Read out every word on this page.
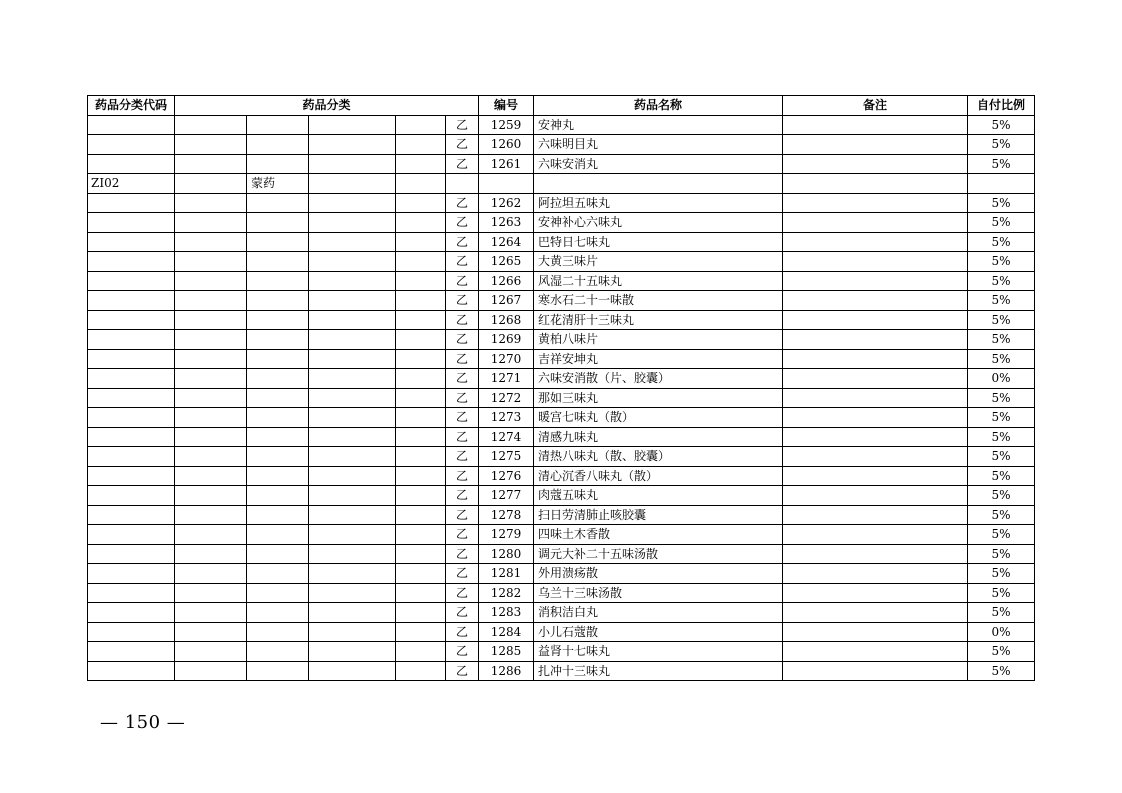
药品分类代码	药品分类					编号	药品名称	备注	自付比例
					乙	1259	安神丸		5%
					乙	1260	六味明目丸		5%
					乙	1261	六味安消丸		5%
ZI02		蒙药							
					乙	1262	阿拉坦五味丸		5%
					乙	1263	安神补心六味丸		5%
					乙	1264	巴特日七味丸		5%
					乙	1265	大黄三味片		5%
					乙	1266	风湿二十五味丸		5%
					乙	1267	寒水石二十一味散		5%
					乙	1268	红花清肝十三味丸		5%
					乙	1269	黄柏八味片		5%
					乙	1270	吉祥安坤丸		5%
					乙	1271	六味安消散（片、胶囊）		0%
					乙	1272	那如三味丸		5%
					乙	1273	暖宫七味丸（散）		5%
					乙	1274	清感九味丸		5%
					乙	1275	清热八味丸（散、胶囊）		5%
					乙	1276	清心沉香八味丸（散）		5%
					乙	1277	肉蔻五味丸		5%
					乙	1278	扫日劳清肺止咳胶囊		5%
					乙	1279	四味土木香散		5%
					乙	1280	调元大补二十五味汤散		5%
					乙	1281	外用溃疡散		5%
					乙	1282	乌兰十三味汤散		5%
					乙	1283	消积洁白丸		5%
					乙	1284	小儿石蔻散		0%
					乙	1285	益肾十七味丸		5%
					乙	1286	扎冲十三味丸		5%
— 150 —
